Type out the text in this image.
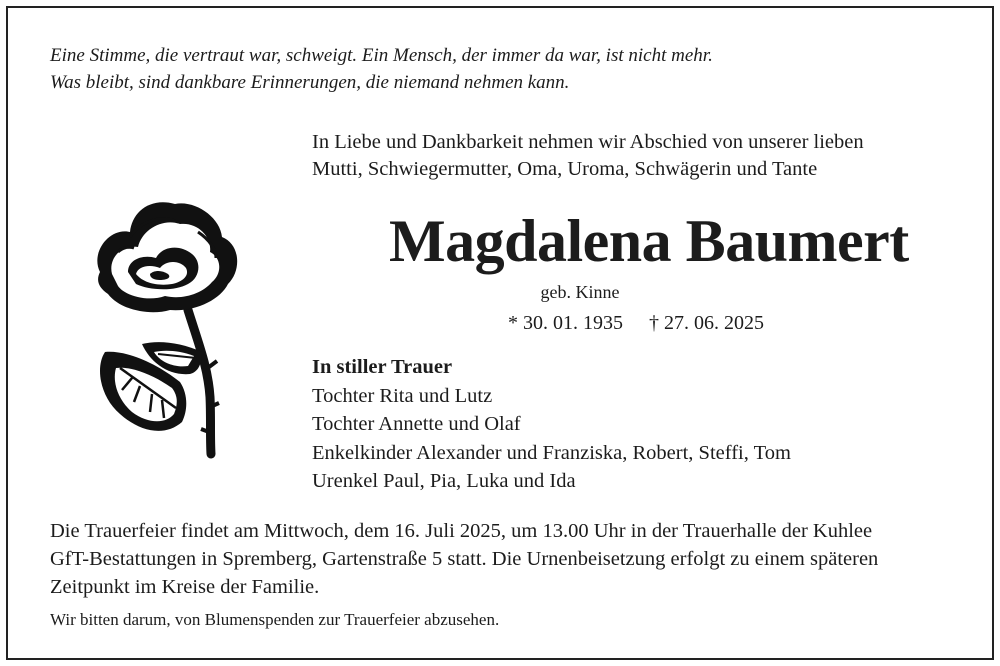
Eine Stimme, die vertraut war, schweigt. Ein Mensch, der immer da war, ist nicht mehr.
Was bleibt, sind dankbare Erinnerungen, die niemand nehmen kann.
In Liebe und Dankbarkeit nehmen wir Abschied von unserer lieben
Mutti, Schwiegermutter, Oma, Uroma, Schwägerin und Tante
Magdalena Baumert
geb. Kinne
* 30. 01. 1935 † 27. 06. 2025
In stiller Trauer
Tochter Rita und Lutz
Tochter Annette und Olaf
Enkelkinder Alexander und Franziska, Robert, Steffi, Tom
Urenkel Paul, Pia, Luka und Ida
Die Trauerfeier findet am Mittwoch, dem 16. Juli 2025, um 13.00 Uhr in der Trauerhalle der Kuhlee
GfT-Bestattungen in Spremberg, Gartenstraße 5 statt. Die Urnenbeisetzung erfolgt zu einem späteren
Zeitpunkt im Kreise der Familie.
Wir bitten darum, von Blumenspenden zur Trauerfeier abzusehen.
